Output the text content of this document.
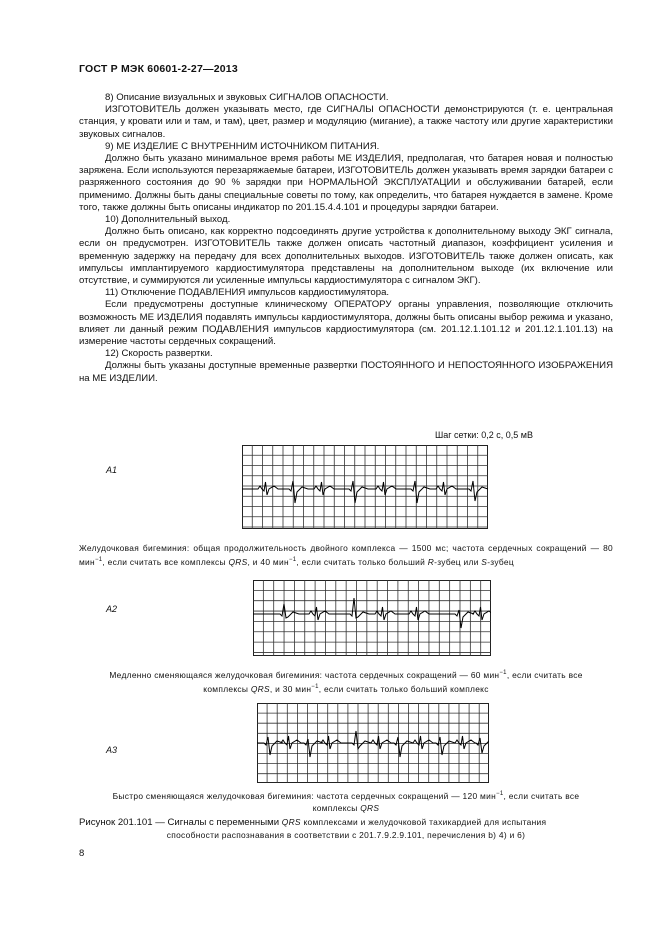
ГОСТ Р МЭК 60601-2-27—2013

8) Описание визуальных и звуковых СИГНАЛОВ ОПАСНОСТИ.

ИЗГОТОВИТЕЛЬ должен указывать место, где СИГНАЛЫ ОПАСНОСТИ демонстрируются (т. е. центральная станция, у кровати или и там, и там), цвет, размер и модуляцию (мигание), а также частоту или другие характеристики звуковых сигналов.

9) МЕ ИЗДЕЛИЕ С ВНУТРЕННИМ ИСТОЧНИКОМ ПИТАНИЯ.

Должно быть указано минимальное время работы МЕ ИЗДЕЛИЯ, предполагая, что батарея новая и полностью заряжена. Если используются перезаряжаемые батареи, ИЗГОТОВИТЕЛЬ должен указывать время зарядки батареи с разряженного состояния до 90 % зарядки при НОРМАЛЬНОЙ ЭКСПЛУАТАЦИИ и обслуживании батарей, если применимо. Должны быть даны специальные советы по тому, как определить, что батарея нуждается в замене. Кроме того, также должны быть описаны индикатор по 201.15.4.4.101 и процедуры зарядки батареи.

10) Дополнительный выход.

Должно быть описано, как корректно подсоединять другие устройства к дополнительному выходу ЭКГ сигнала, если он предусмотрен. ИЗГОТОВИТЕЛЬ также должен описать частотный диапазон, коэффициент усиления и временную задержку на передачу для всех дополнительных выходов. ИЗГОТОВИТЕЛЬ также должен описать, как импульсы имплантируемого кардиостимулятора представлены на дополнительном выходе (их включение или отсутствие, и суммируются ли усиленные импульсы кардиостимулятора с сигналом ЭКГ).

11) Отключение ПОДАВЛЕНИЯ импульсов кардиостимулятора.

Если предусмотрены доступные клиническому ОПЕРАТОРУ органы управления, позволяющие отключить возможность МЕ ИЗДЕЛИЯ подавлять импульсы кардиостимулятора, должны быть описаны выбор режима и указано, влияет ли данный режим ПОДАВЛЕНИЯ импульсов кардиостимулятора (см. 201.12.1.101.12 и 201.12.1.101.13) на измерение частоты сердечных сокращений.

12) Скорость развертки.

Должны быть указаны доступные временные развертки ПОСТОЯННОГО И НЕПОСТОЯННОГО ИЗОБРАЖЕНИЯ на МЕ ИЗДЕЛИИ.

Шаг сетки: 0,2 с, 0,5 мВ
A1
Желудочковая бигеминия: общая продолжительность двойного комплекса — 1500 мс; частота сердечных сокращений — 80 мин$^{-1}$, если считать все комплексы QRS, и 40 мин$^{-1}$, если считать только больший R-зубец или S-зубец
A2
Медленно сменяющаяся желудочковая бигеминия: частота сердечных сокращений — 60 мин$^{-1}$, если считать все
комплексы QRS, и 30 мин$^{-1}$, если считать только больший комплекс
A3
Быстро сменяющаяся желудочковая бигеминия: частота сердечных сокращений — 120 мин$^{-1}$, если считать все
комплексы QRS
Рисунок 201.101 — Сигналы с переменными QRS комплексами и желудочковой тахикардией для испытания
способности распознавания в соответствии с 201.7.9.2.9.101, перечисления b) 4) и 6)
8
